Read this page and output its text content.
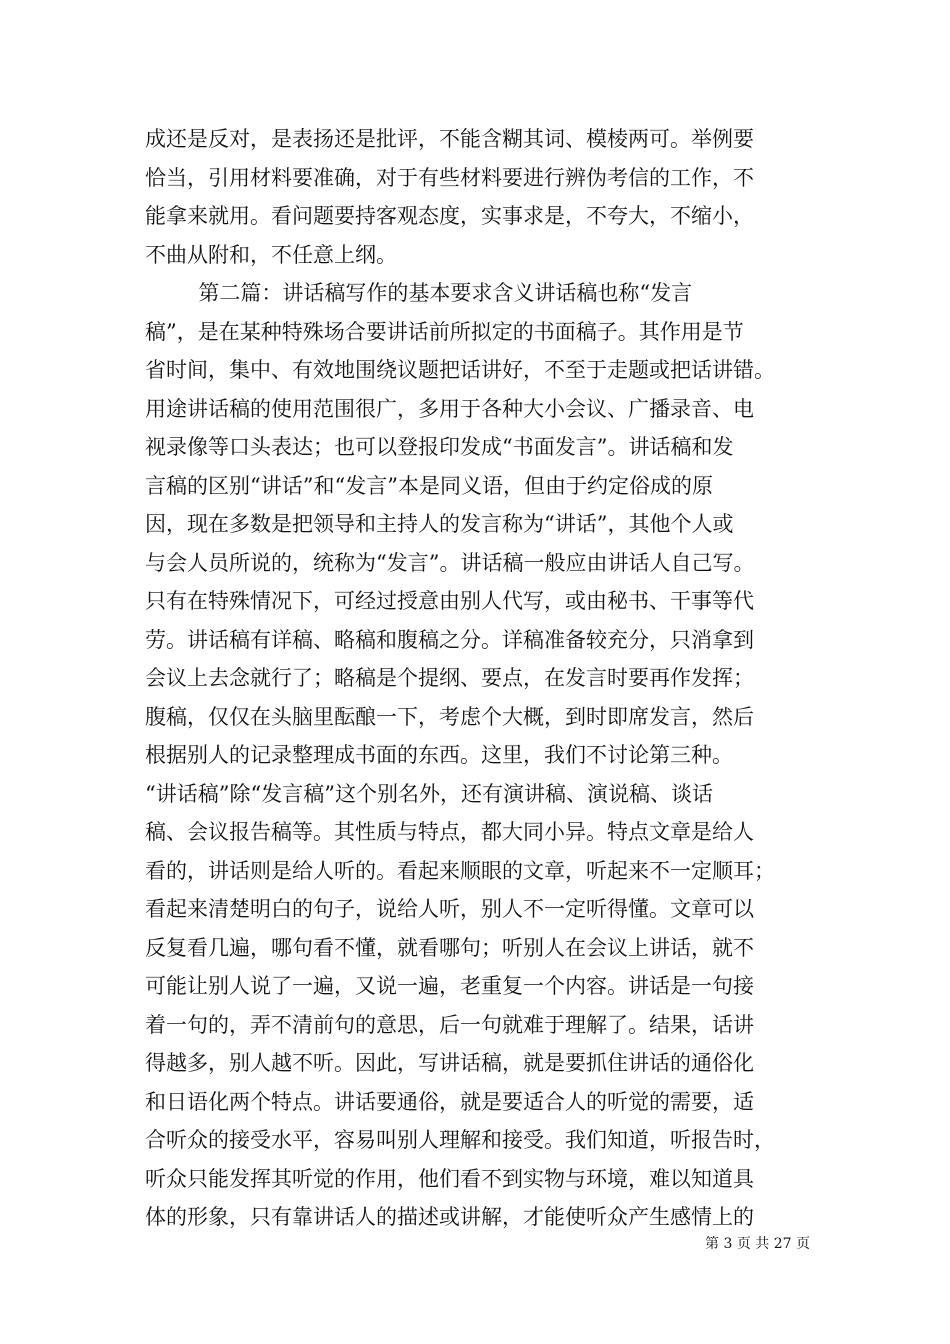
成还是反对，是表扬还是批评，不能含糊其词、模棱两可。举例要
恰当，引用材料要准确，对于有些材料要进行辨伪考信的工作，不
能拿来就用。看问题要持客观态度，实事求是，不夸大，不缩小，
不曲从附和，不任意上纲。
第二篇：讲话稿写作的基本要求含义讲话稿也称“发言
稿”，是在某种特殊场合要讲话前所拟定的书面稿子。其作用是节
省时间，集中、有效地围绕议题把话讲好，不至于走题或把话讲错。
用途讲话稿的使用范围很广，多用于各种大小会议、广播录音、电
视录像等口头表达；也可以登报印发成“书面发言”。讲话稿和发
言稿的区别“讲话”和“发言”本是同义语，但由于约定俗成的原
因，现在多数是把领导和主持人的发言称为“讲话”，其他个人或
与会人员所说的，统称为“发言”。讲话稿一般应由讲话人自己写。
只有在特殊情况下，可经过授意由别人代写，或由秘书、干事等代
劳。讲话稿有详稿、略稿和腹稿之分。详稿准备较充分，只消拿到
会议上去念就行了；略稿是个提纲、要点，在发言时要再作发挥；
腹稿，仅仅在头脑里酝酿一下，考虑个大概，到时即席发言，然后
根据别人的记录整理成书面的东西。这里，我们不讨论第三种。
“讲话稿”除“发言稿”这个别名外，还有演讲稿、演说稿、谈话
稿、会议报告稿等。其性质与特点，都大同小异。特点文章是给人
看的，讲话则是给人听的。看起来顺眼的文章，听起来不一定顺耳；
看起来清楚明白的句子，说给人听，别人不一定听得懂。文章可以
反复看几遍，哪句看不懂，就看哪句；听别人在会议上讲话，就不
可能让别人说了一遍，又说一遍，老重复一个内容。讲话是一句接
着一句的，弄不清前句的意思，后一句就难于理解了。结果，话讲
得越多，别人越不听。因此，写讲话稿，就是要抓住讲话的通俗化
和日语化两个特点。讲话要通俗，就是要适合人的听觉的需要，适
合听众的接受水平，容易叫别人理解和接受。我们知道，听报告时，
听众只能发挥其听觉的作用，他们看不到实物与环境，难以知道具
体的形象，只有靠讲话人的描述或讲解，才能使听众产生感情上的
第 3 页 共 27 页
